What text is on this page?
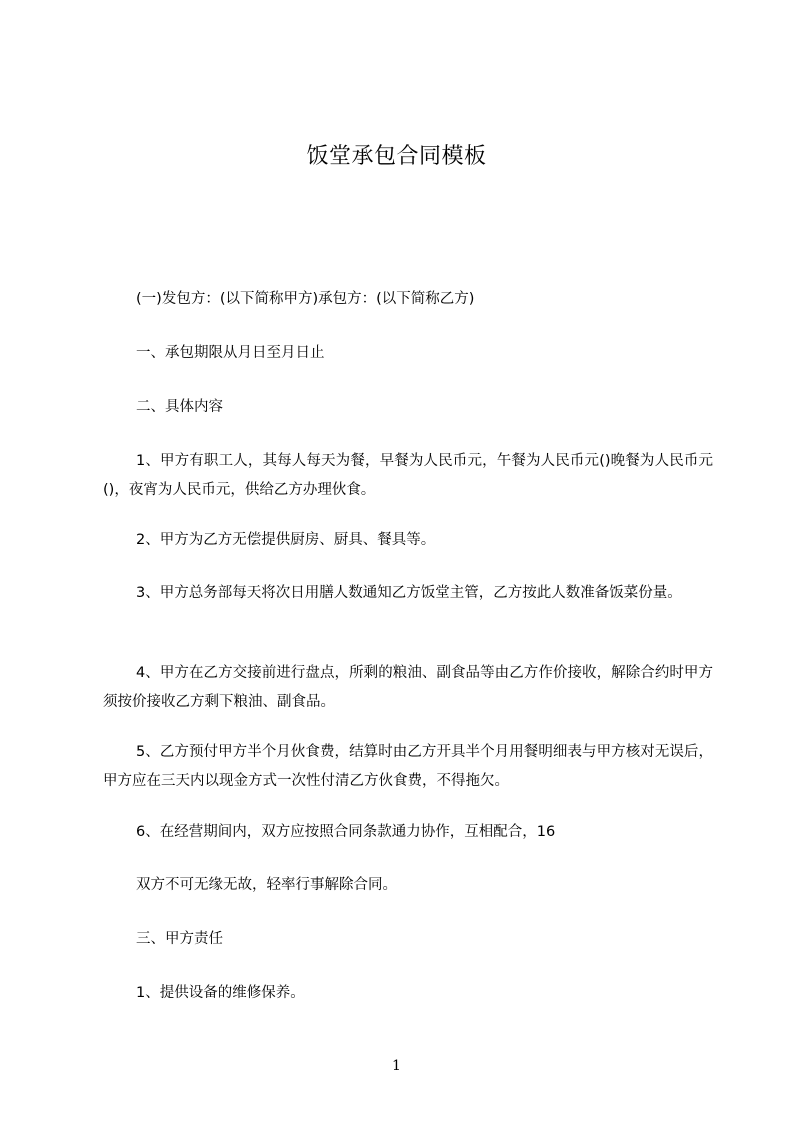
饭堂承包合同模板

(一)发包方：(以下简称甲方)承包方：(以下简称乙方)

一、承包期限从月日至月日止

二、具体内容

1、甲方有职工人，其每人每天为餐，早餐为人民币元，午餐为人民币元()晚餐为人民币元()，夜宵为人民币元，供给乙方办理伙食。

2、甲方为乙方无偿提供厨房、厨具、餐具等。

3、甲方总务部每天将次日用膳人数通知乙方饭堂主管，乙方按此人数准备饭菜份量。

4、甲方在乙方交接前进行盘点，所剩的粮油、副食品等由乙方作价接收，解除合约时甲方须按价接收乙方剩下粮油、副食品。

5、乙方预付甲方半个月伙食费，结算时由乙方开具半个月用餐明细表与甲方核对无误后，甲方应在三天内以现金方式一次性付清乙方伙食费，不得拖欠。

6、在经营期间内，双方应按照合同条款通力协作，互相配合，16

双方不可无缘无故，轻率行事解除合同。

三、甲方责任

1、提供设备的维修保养。

1
